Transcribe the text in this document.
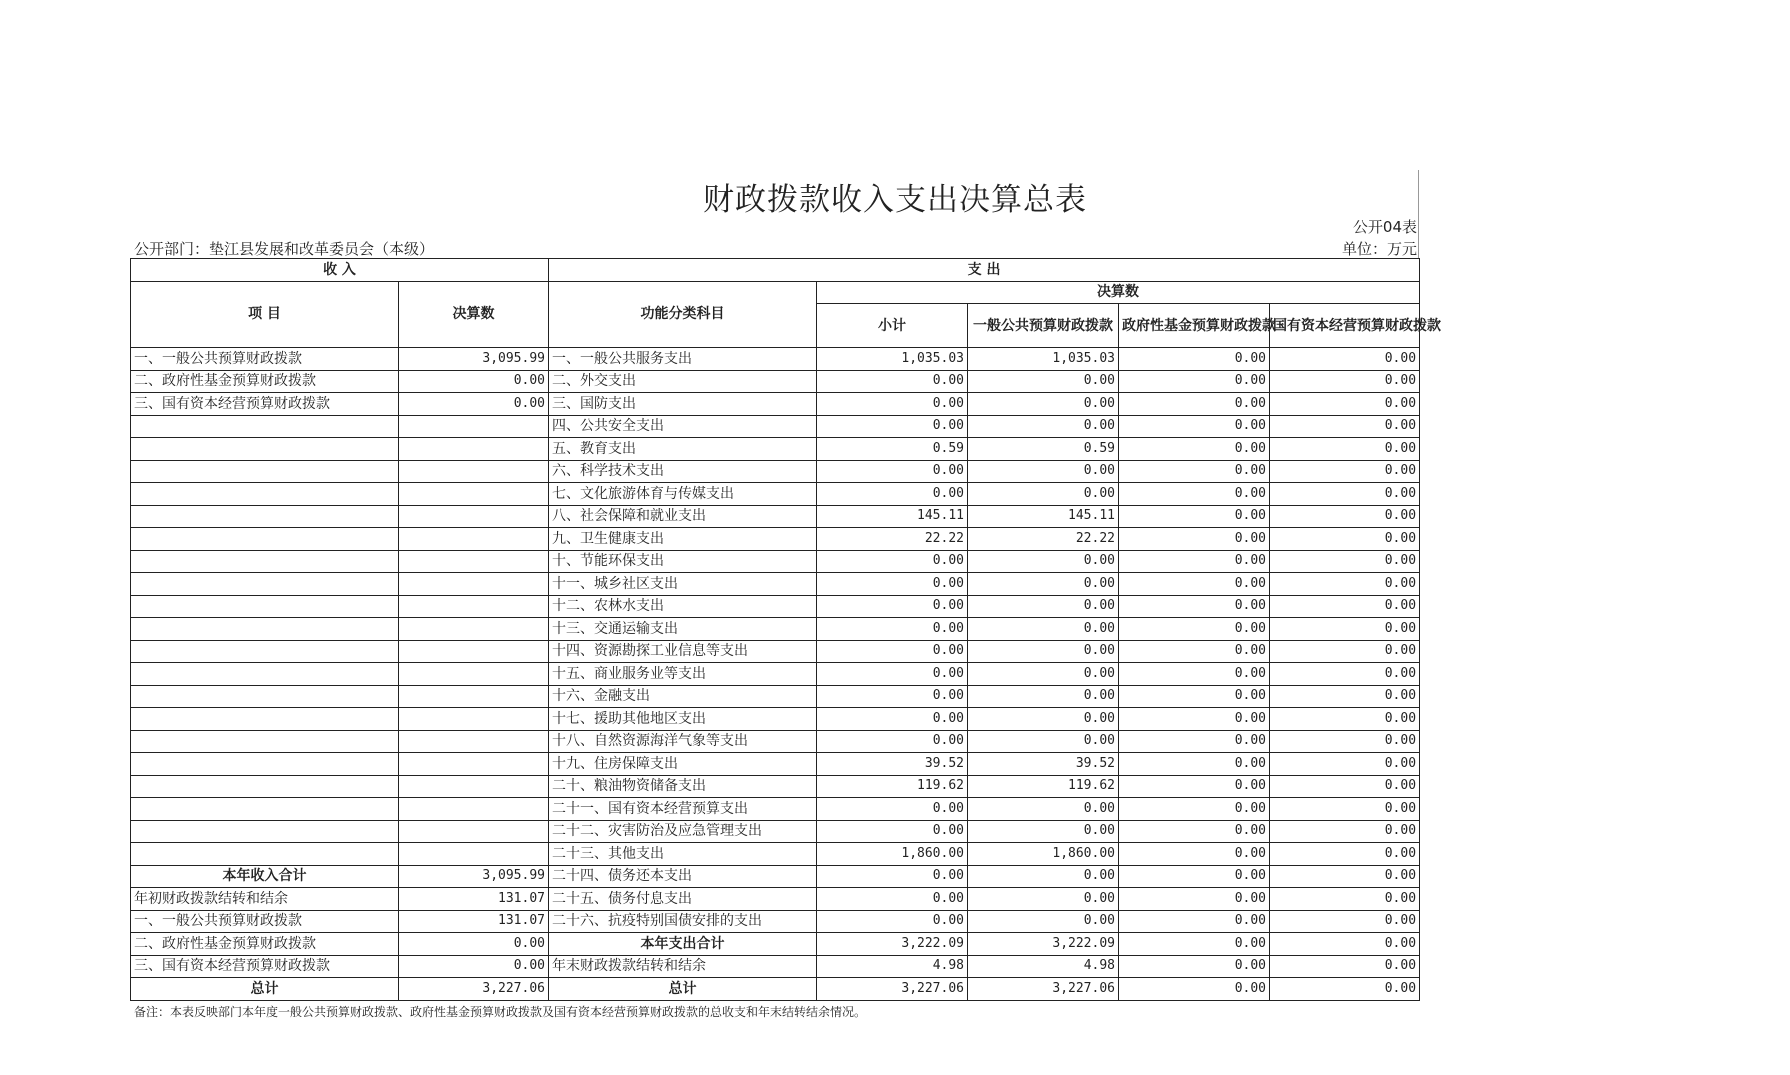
财政拨款收入支出决算总表
公开04表
公开部门：垫江县发展和改革委员会（本级）	单位：万元
收 入		支 出				
项 目	决算数	功能分类科目	决算数			
			小计	一般公共预算财政拨款	政府性基金预算财政拨款	国有资本经营预算财政拨款
一、一般公共预算财政拨款	3,095.99	一、一般公共服务支出	1,035.03	1,035.03	0.00	0.00
二、政府性基金预算财政拨款	0.00	二、外交支出	0.00	0.00	0.00	0.00
三、国有资本经营预算财政拨款	0.00	三、国防支出	0.00	0.00	0.00	0.00
		四、公共安全支出	0.00	0.00	0.00	0.00
		五、教育支出	0.59	0.59	0.00	0.00
		六、科学技术支出	0.00	0.00	0.00	0.00
		七、文化旅游体育与传媒支出	0.00	0.00	0.00	0.00
		八、社会保障和就业支出	145.11	145.11	0.00	0.00
		九、卫生健康支出	22.22	22.22	0.00	0.00
		十、节能环保支出	0.00	0.00	0.00	0.00
		十一、城乡社区支出	0.00	0.00	0.00	0.00
		十二、农林水支出	0.00	0.00	0.00	0.00
		十三、交通运输支出	0.00	0.00	0.00	0.00
		十四、资源勘探工业信息等支出	0.00	0.00	0.00	0.00
		十五、商业服务业等支出	0.00	0.00	0.00	0.00
		十六、金融支出	0.00	0.00	0.00	0.00
		十七、援助其他地区支出	0.00	0.00	0.00	0.00
		十八、自然资源海洋气象等支出	0.00	0.00	0.00	0.00
		十九、住房保障支出	39.52	39.52	0.00	0.00
		二十、粮油物资储备支出	119.62	119.62	0.00	0.00
		二十一、国有资本经营预算支出	0.00	0.00	0.00	0.00
		二十二、灾害防治及应急管理支出	0.00	0.00	0.00	0.00
		二十三、其他支出	1,860.00	1,860.00	0.00	0.00
本年收入合计	3,095.99	二十四、债务还本支出	0.00	0.00	0.00	0.00
年初财政拨款结转和结余	131.07	二十五、债务付息支出	0.00	0.00	0.00	0.00
一、一般公共预算财政拨款	131.07	二十六、抗疫特别国债安排的支出	0.00	0.00	0.00	0.00
二、政府性基金预算财政拨款	0.00	本年支出合计	3,222.09	3,222.09	0.00	0.00
三、国有资本经营预算财政拨款	0.00	年末财政拨款结转和结余	4.98	4.98	0.00	0.00
总计	3,227.06	总计	3,227.06	3,227.06	0.00	0.00
备注：本表反映部门本年度一般公共预算财政拨款、政府性基金预算财政拨款及国有资本经营预算财政拨款的总收支和年末结转结余情况。
